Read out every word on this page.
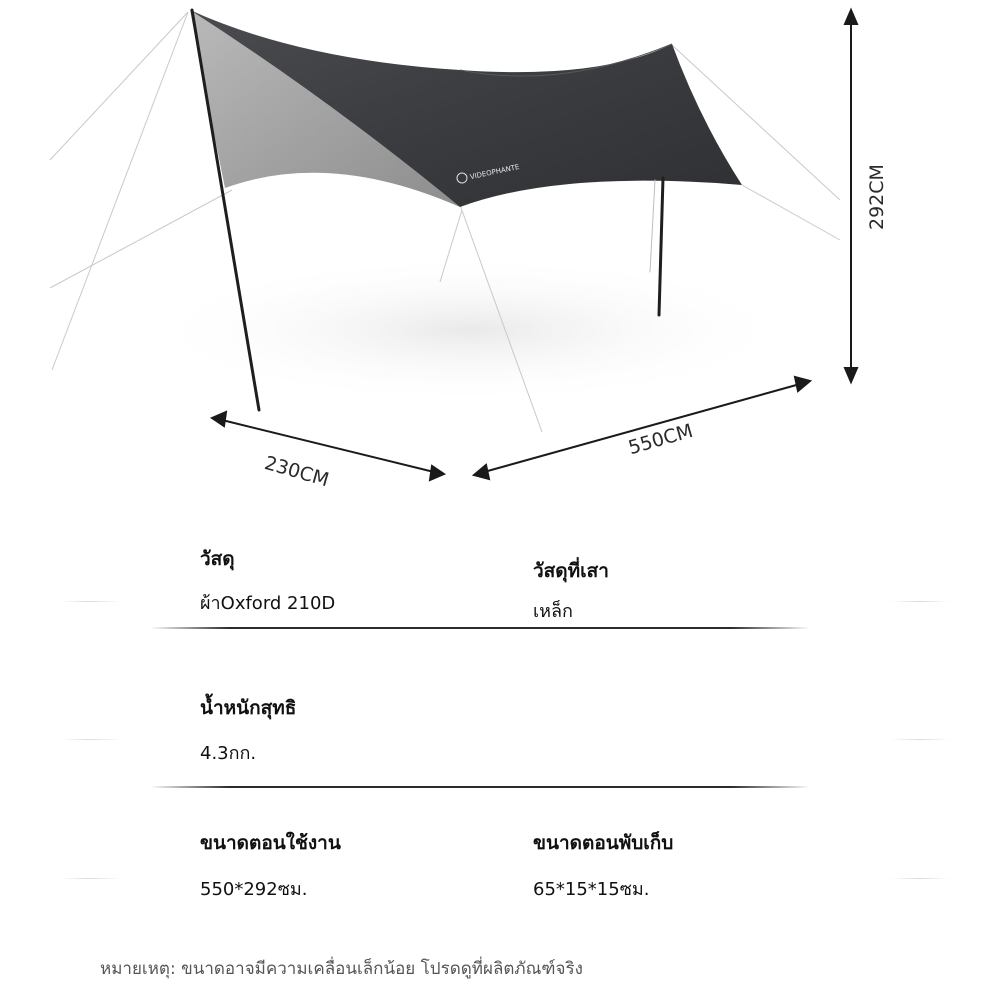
VIDEOPHANTE
230CM
550CM
292CM
วัสดุ
ผ้าOxford 210D
วัสดุที่เสา
เหล็ก
น้ำหนักสุทธิ
4.3กก.
ขนาดตอนใช้งาน
550*292ซม.
ขนาดตอนพับเก็บ
65*15*15ซม.
หมายเหตุ: ขนาดอาจมีความเคลื่อนเล็กน้อย โปรดดูที่ผลิตภัณฑ์จริง
